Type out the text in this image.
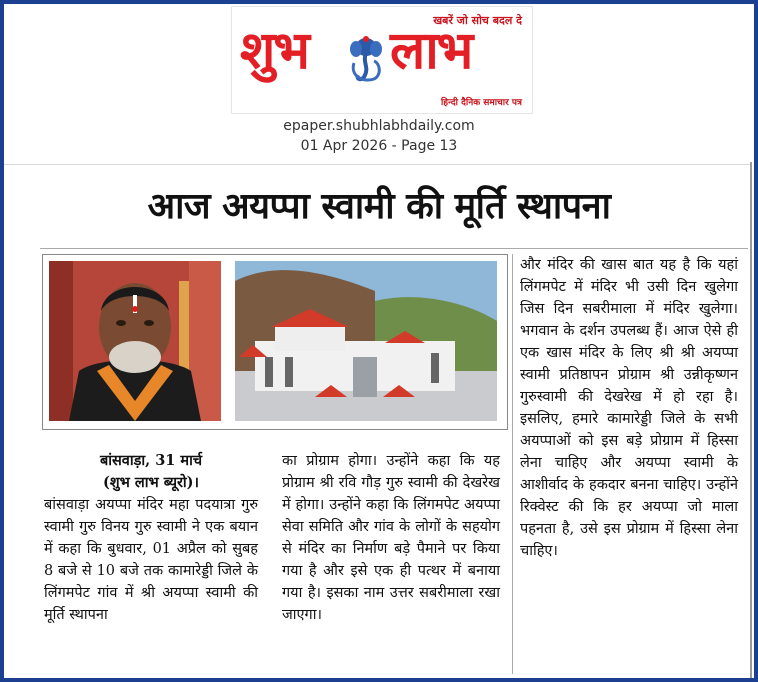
खबरें जो सोच बदल दे
शुभ लाभ
हिन्दी दैनिक समाचार पत्र
epaper.shubhlabhdaily.com
01 Apr 2026 - Page 13
आज अयप्पा स्वामी की मूर्ति स्थापना
बांसवाड़ा, 31 मार्च
(शुभ लाभ ब्यूरो)।
बांसवाड़ा अयप्पा मंदिर महा पदयात्रा गुरु स्वामी गुरु विनय गुरु स्वामी ने एक बयान में कहा कि बुधवार, 01 अप्रैल को सुबह 8 बजे से 10 बजे तक कामारेड्डी जिले के लिंगमपेट गांव में श्री अयप्पा स्वामी की मूर्ति स्थापना
का प्रोग्राम होगा। उन्होंने कहा कि यह प्रोग्राम श्री रवि गौड़ गुरु स्वामी की देखरेख में होगा। उन्होंने कहा कि लिंगमपेट अयप्पा सेवा समिति और गांव के लोगों के सहयोग से मंदिर का निर्माण बड़े पैमाने पर किया गया है और इसे एक ही पत्थर में बनाया गया है। इसका नाम उत्तर सबरीमाला रखा जाएगा।
और मंदिर की खास बात यह है कि यहां लिंगमपेट में मंदिर भी उसी दिन खुलेगा जिस दिन सबरीमाला में मंदिर खुलेगा। भगवान के दर्शन उपलब्ध हैं। आज ऐसे ही एक खास मंदिर के लिए श्री श्री अयप्पा स्वामी प्रतिष्ठापन प्रोग्राम श्री उन्नीकृष्णन गुरुस्वामी की देखरेख में हो रहा है। इसलिए, हमारे कामारेड्डी जिले के सभी अयप्पाओं को इस बड़े प्रोग्राम में हिस्सा लेना चाहिए और अयप्पा स्वामी के आशीर्वाद के हकदार बनना चाहिए। उन्होंने रिक्वेस्ट की कि हर अयप्पा जो माला पहनता है, उसे इस प्रोग्राम में हिस्सा लेना चाहिए।
